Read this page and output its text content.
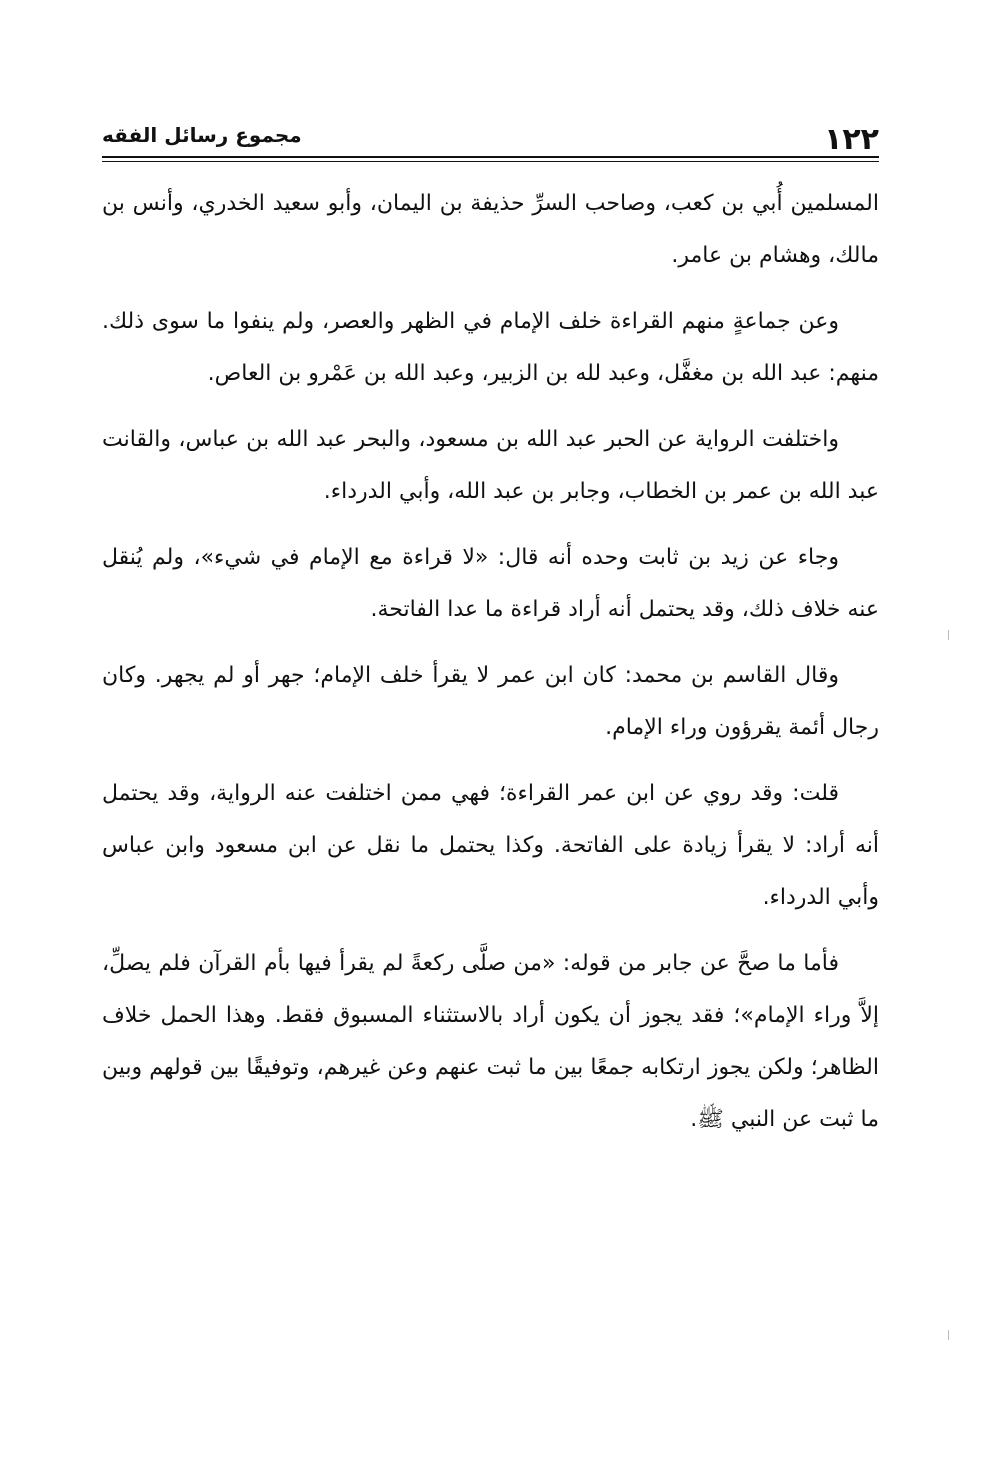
١٢٢
مجموع رسائل الفقه

المسلمين أُبي بن كعب، وصاحب السرِّ حذيفة بن اليمان، وأبو سعيد الخدري، وأنس بن مالك، وهشام بن عامر.

وعن جماعةٍ منهم القراءة خلف الإمام في الظهر والعصر، ولم ينفوا ما سوى ذلك. منهم: عبد الله بن مغفَّل، وعبد لله بن الزبير، وعبد الله بن عَمْرو بن العاص.

واختلفت الرواية عن الحبر عبد الله بن مسعود، والبحر عبد الله بن عباس، والقانت عبد الله بن عمر بن الخطاب، وجابر بن عبد الله، وأبي الدرداء.

وجاء عن زيد بن ثابت وحده أنه قال: «لا قراءة مع الإمام في شيء»، ولم يُنقل عنه خلاف ذلك، وقد يحتمل أنه أراد قراءة ما عدا الفاتحة.

وقال القاسم بن محمد: كان ابن عمر لا يقرأ خلف الإمام؛ جهر أو لم يجهر. وكان رجال أئمة يقرؤون وراء الإمام.

قلت: وقد روي عن ابن عمر القراءة؛ فهي ممن اختلفت عنه الرواية، وقد يحتمل أنه أراد: لا يقرأ زيادة على الفاتحة. وكذا يحتمل ما نقل عن ابن مسعود وابن عباس وأبي الدرداء.

فأما ما صحَّ عن جابر من قوله: «من صلَّى ركعةً لم يقرأ فيها بأم القرآن فلم يصلِّ، إلاَّ وراء الإمام»؛ فقد يجوز أن يكون أراد بالاستثناء المسبوق فقط. وهذا الحمل خلاف الظاهر؛ ولكن يجوز ارتكابه جمعًا بين ما ثبت عنهم وعن غيرهم، وتوفيقًا بين قولهم وبين ما ثبت عن النبي ﷺ.
